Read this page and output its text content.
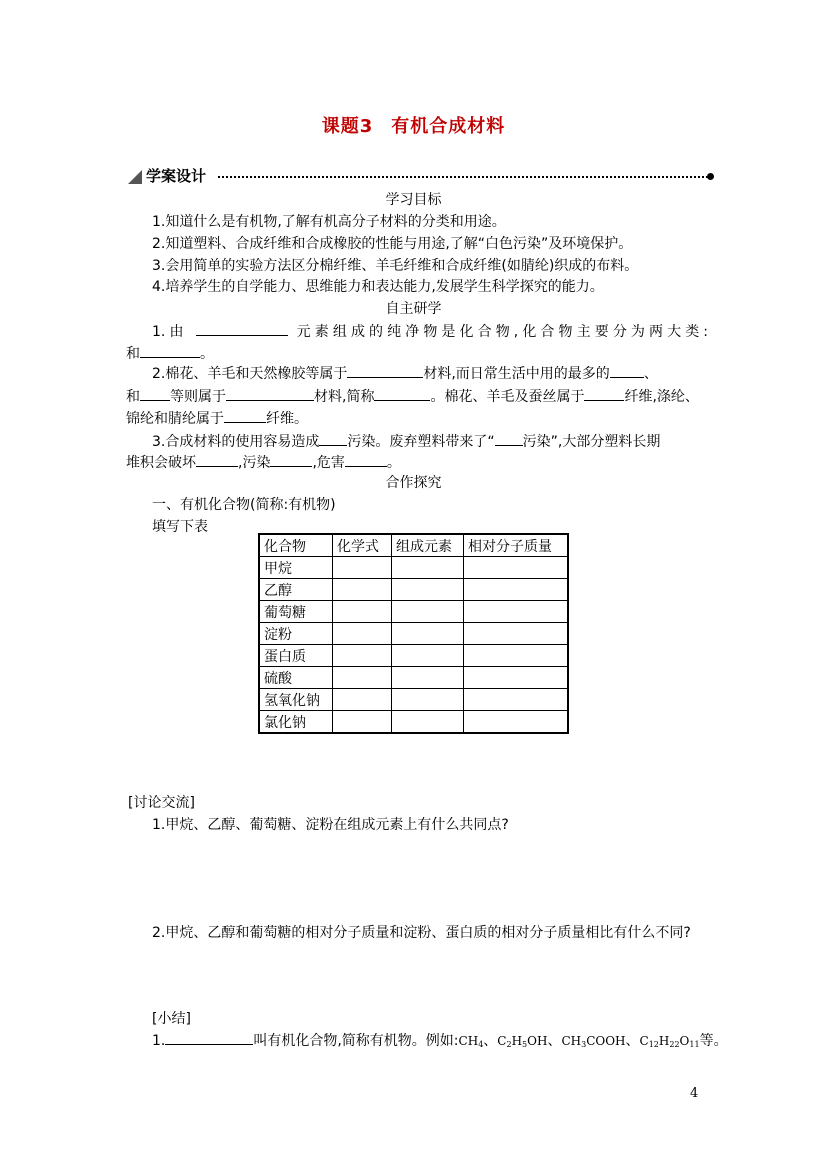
课题3 有机合成材料
学案设计
学习目标
1.知道什么是有机物,了解有机高分子材料的分类和用途。
2.知道塑料、合成纤维和合成橡胶的性能与用途,了解“白色污染”及环境保护。
3.会用简单的实验方法区分棉纤维、羊毛纤维和合成纤维(如腈纶)织成的布料。
4.培养学生的自学能力、思维能力和表达能力,发展学生科学探究的能力。
自主研学
1.由	元素组成的纯净物是化合物,化合物主要分为两大类:
和	。
2.棉花、羊毛和天然橡胶等属于	材料,而日常生活中用的最多的 、
和 等则属于	材料,简称	。棉花、羊毛及蚕丝属于	纤维,涤纶、
锦纶和腈纶属于	纤维。
3.合成材料的使用容易造成 污染。废弃塑料带来了“ 污染”,大部分塑料长期
堆积会破坏	,污染	,危害	。
合作探究
一、有机化合物(简称:有机物)
填写下表
化合物	化学式	组成元素	相对分子质量
甲烷			
乙醇			
葡萄糖			
淀粉			
蛋白质			
硫酸			
氢氧化钠			
氯化钠			
[讨论交流]
1.甲烷、乙醇、葡萄糖、淀粉在组成元素上有什么共同点?
2.甲烷、乙醇和葡萄糖的相对分子质量和淀粉、蛋白质的相对分子质量相比有什么不同?
[小结]
1.	叫有机化合物,简称有机物。例如$:CH_4$、$C_2H_5OH$、$CH_3COOH$、$C_{12}H_{22}O_{11}$等。
4
